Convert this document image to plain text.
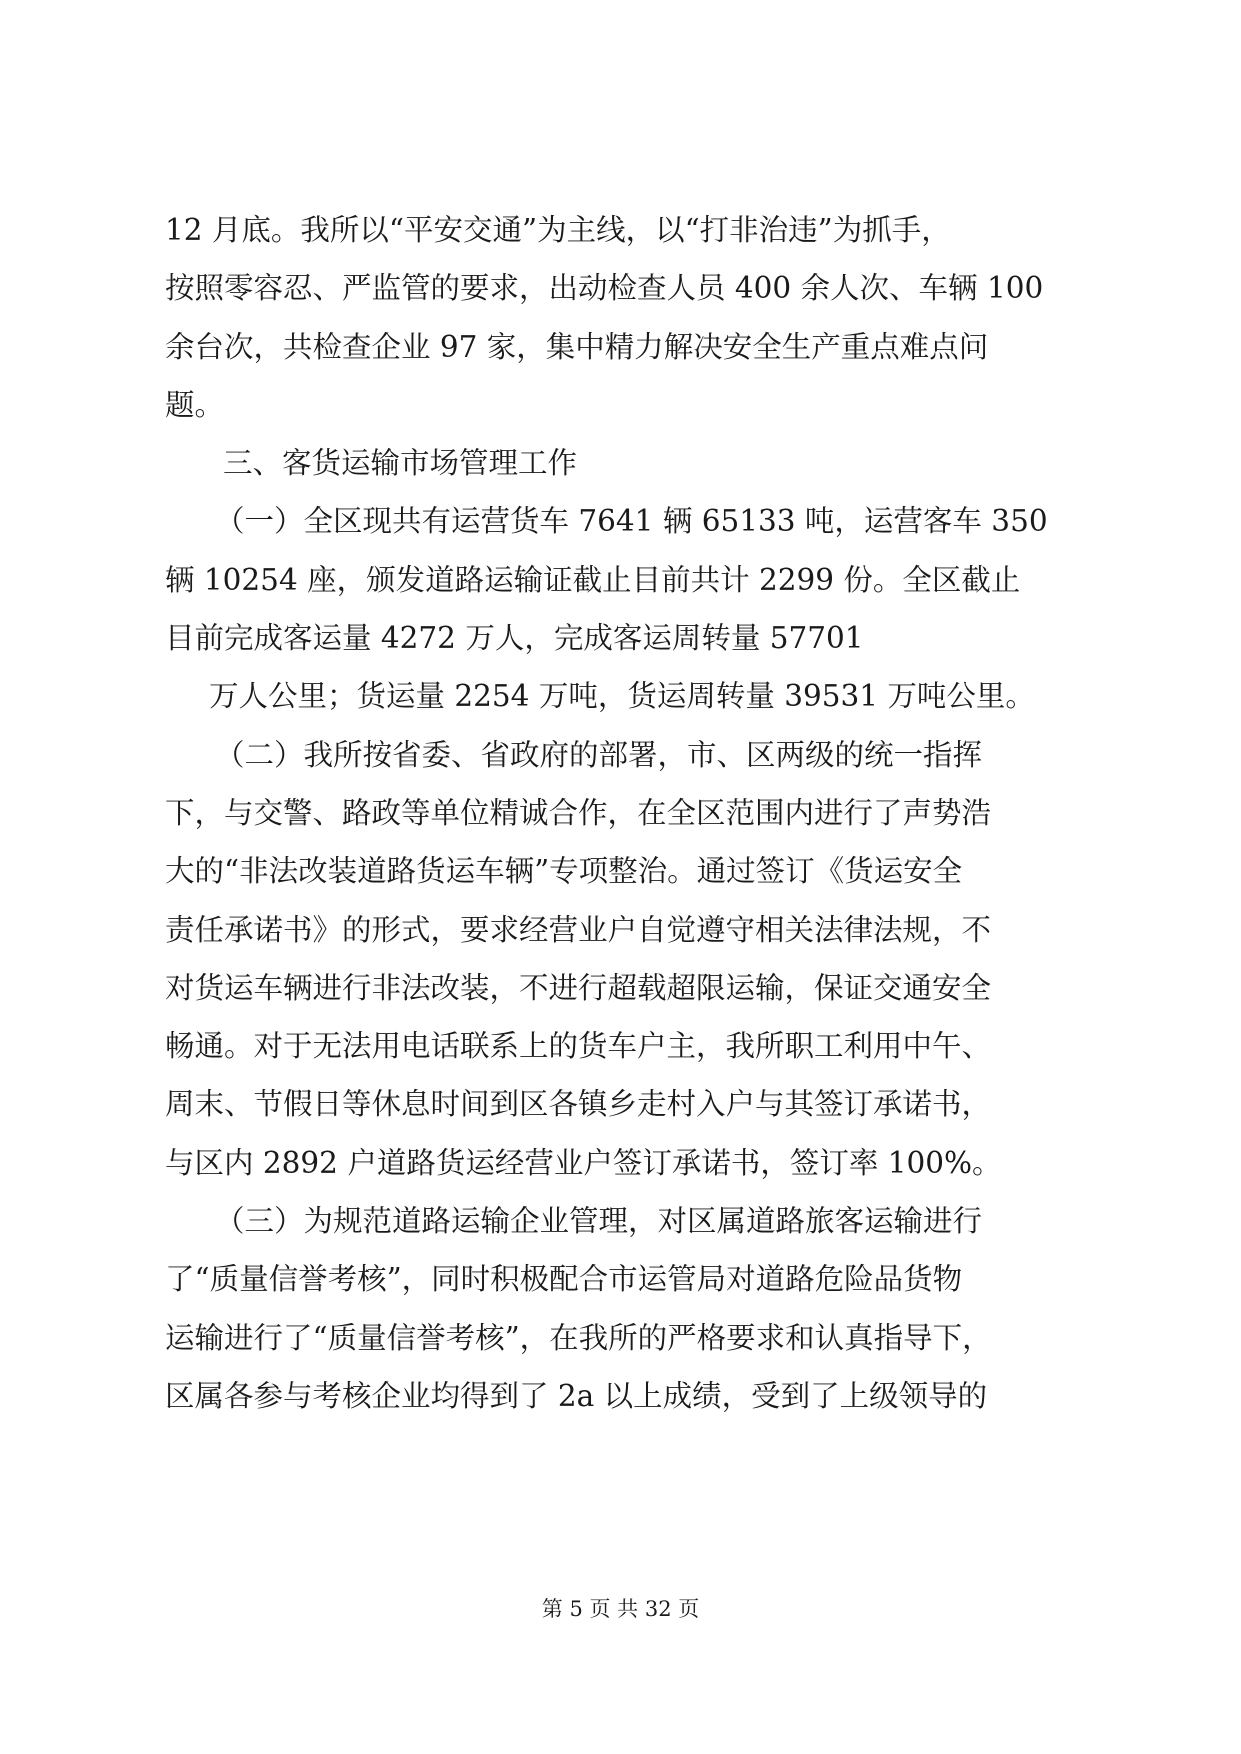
12 月底。我所以“平安交通”为主线，以“打非治违”为抓手，
按照零容忍、严监管的要求，出动检查人员 400 余人次、车辆 100
余台次，共检查企业 97 家，集中精力解决安全生产重点难点问
题。
三、客货运输市场管理工作
（一）全区现共有运营货车 7641 辆 65133 吨，运营客车 350
辆 10254 座，颁发道路运输证截止目前共计 2299 份。全区截止
目前完成客运量 4272 万人，完成客运周转量 57701
万人公里；货运量 2254 万吨，货运周转量 39531 万吨公里。
（二）我所按省委、省政府的部署，市、区两级的统一指挥
下，与交警、路政等单位精诚合作，在全区范围内进行了声势浩
大的“非法改装道路货运车辆”专项整治。通过签订《货运安全
责任承诺书》的形式，要求经营业户自觉遵守相关法律法规，不
对货运车辆进行非法改装，不进行超载超限运输，保证交通安全
畅通。对于无法用电话联系上的货车户主，我所职工利用中午、
周末、节假日等休息时间到区各镇乡走村入户与其签订承诺书，
与区内 2892 户道路货运经营业户签订承诺书，签订率 100%。
（三）为规范道路运输企业管理，对区属道路旅客运输进行
了“质量信誉考核”，同时积极配合市运管局对道路危险品货物
运输进行了“质量信誉考核”，在我所的严格要求和认真指导下，
区属各参与考核企业均得到了 2a 以上成绩，受到了上级领导的
第 5 页 共 32 页
